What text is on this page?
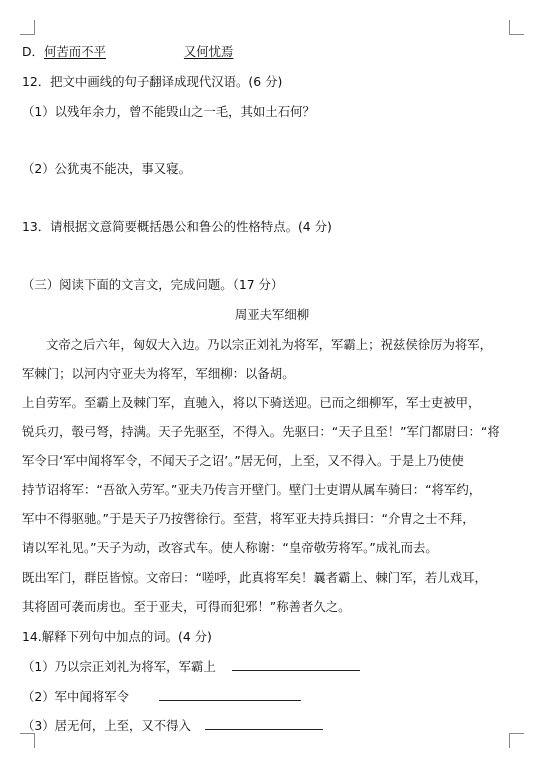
D．何苦而不平	又何忧焉
12．把文中画线的句子翻译成现代汉语。(6 分)
（1）以残年余力，曾不能毁山之一毛，其如土石何？
（2）公犹夷不能决，事又寝。
13．请根据文意简要概括愚公和鲁公的性格特点。(4 分)
（三）阅读下面的文言文，完成问题。（17 分）
周亚夫军细柳
文帝之后六年，匈奴大入边。乃以宗正刘礼为将军，军霸上；祝兹侯徐厉为将军，
军棘门；以河内守亚夫为将军，军细柳：以备胡。
上自劳军。至霸上及棘门军，直驰入，将以下骑送迎。已而之细柳军，军士吏被甲，
锐兵刃，彀弓弩，持满。天子先驱至，不得入。先驱曰：“天子且至！”军门都尉曰：“将
军令曰‘军中闻将军令，不闻天子之诏’。”居无何，上至，又不得入。于是上乃使使
持节诏将军：“吾欲入劳军。”亚夫乃传言开壁门。壁门士吏谓从属车骑曰：“将军约，
军中不得驱驰。”于是天子乃按辔徐行。至营，将军亚夫持兵揖曰：“介胄之士不拜，
请以军礼见。”天子为动，改容式车。使人称谢：“皇帝敬劳将军。”成礼而去。
既出军门，群臣皆惊。文帝曰：“嗟呼，此真将军矣！曩者霸上、棘门军，若儿戏耳，
其将固可袭而虏也。至于亚夫，可得而犯邪！”称善者久之。
14.解释下列句中加点的词。(4 分)
（1）乃以宗正刘礼为将军，军霸上
（2）军中闻将军令
（3）居无何，上至，又不得入
